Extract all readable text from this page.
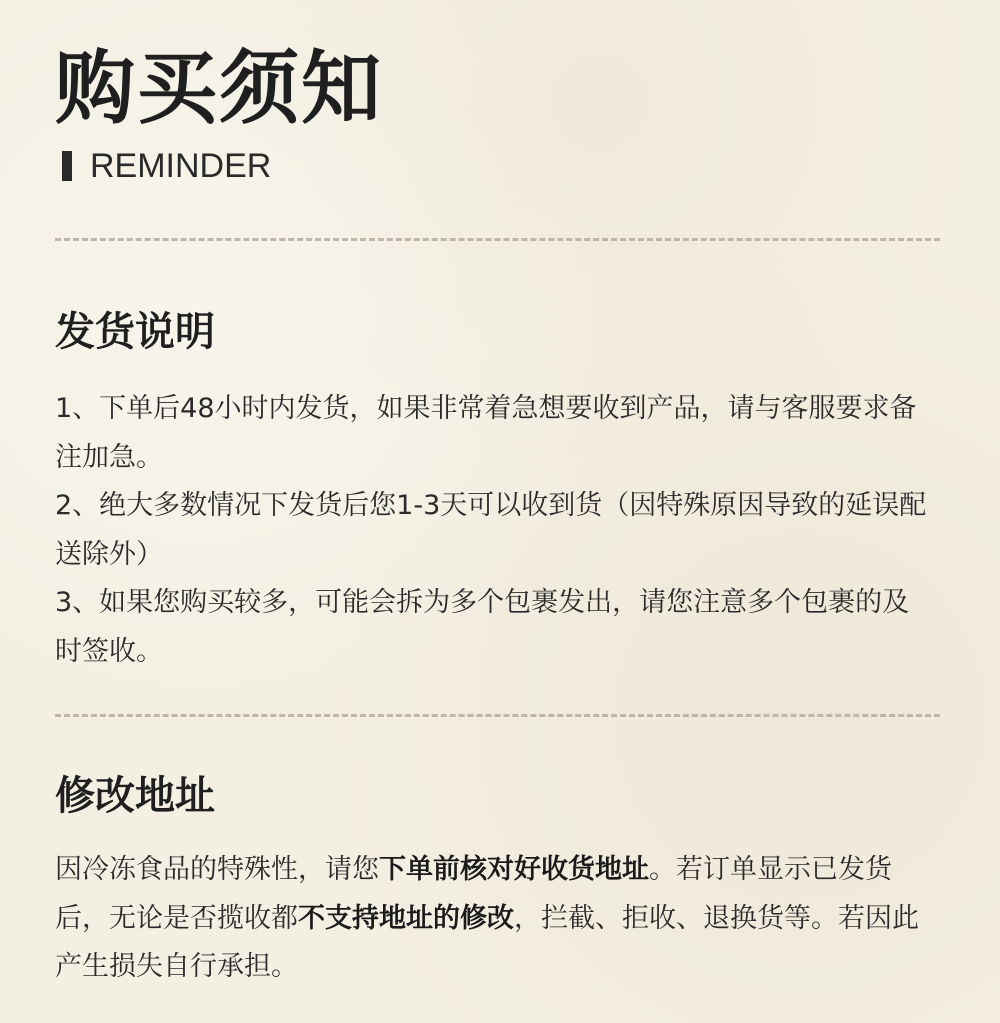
购买须知
REMINDER
发货说明
1、下单后48小时内发货，如果非常着急想要收到产品，请与客服要求备注加急。
2、绝大多数情况下发货后您1-3天可以收到货（因特殊原因导致的延误配送除外）
3、如果您购买较多，可能会拆为多个包裹发出，请您注意多个包裹的及时签收。
修改地址

因冷冻食品的特殊性，请您下单前核对好收货地址。若订单显示已发货后，无论是否揽收都不支持地址的修改，拦截、拒收、退换货等。若因此产生损失自行承担。
